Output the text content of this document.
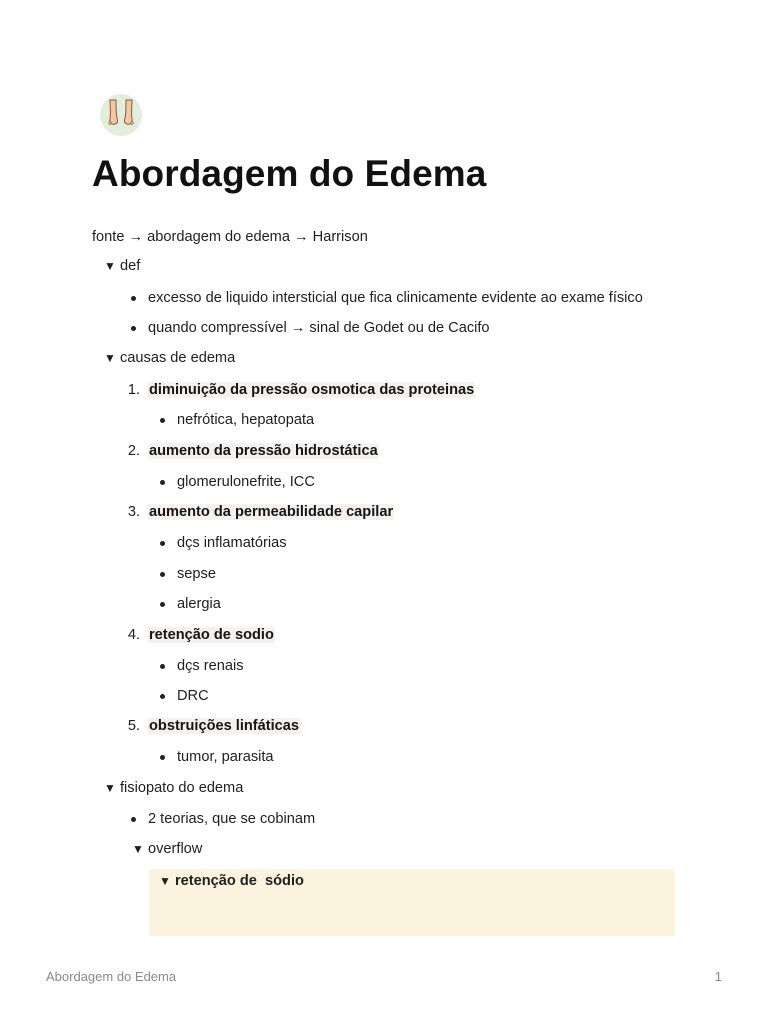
Abordagem do Edema
fonte → abordagem do edema → Harrison
▼ def
excesso de liquido intersticial que fica clinicamente evidente ao exame físico
quando compressível → sinal de Godet ou de Cacifo
▼ causas de edema
1. diminuição da pressão osmotica das proteinas
nefrótica, hepatopata
2. aumento da pressão hidrostática
glomerulonefrite, ICC
3. aumento da permeabilidade capilar
dçs inflamatórias
sepse
alergia
4. retenção de sodio
dçs renais
DRC
5. obstruições linfáticas
tumor, parasita
▼ fisiopato do edema
2 teorias, que se cobinam
▼ overflow
▼ retenção de  sódio
Abordagem do Edema	1
